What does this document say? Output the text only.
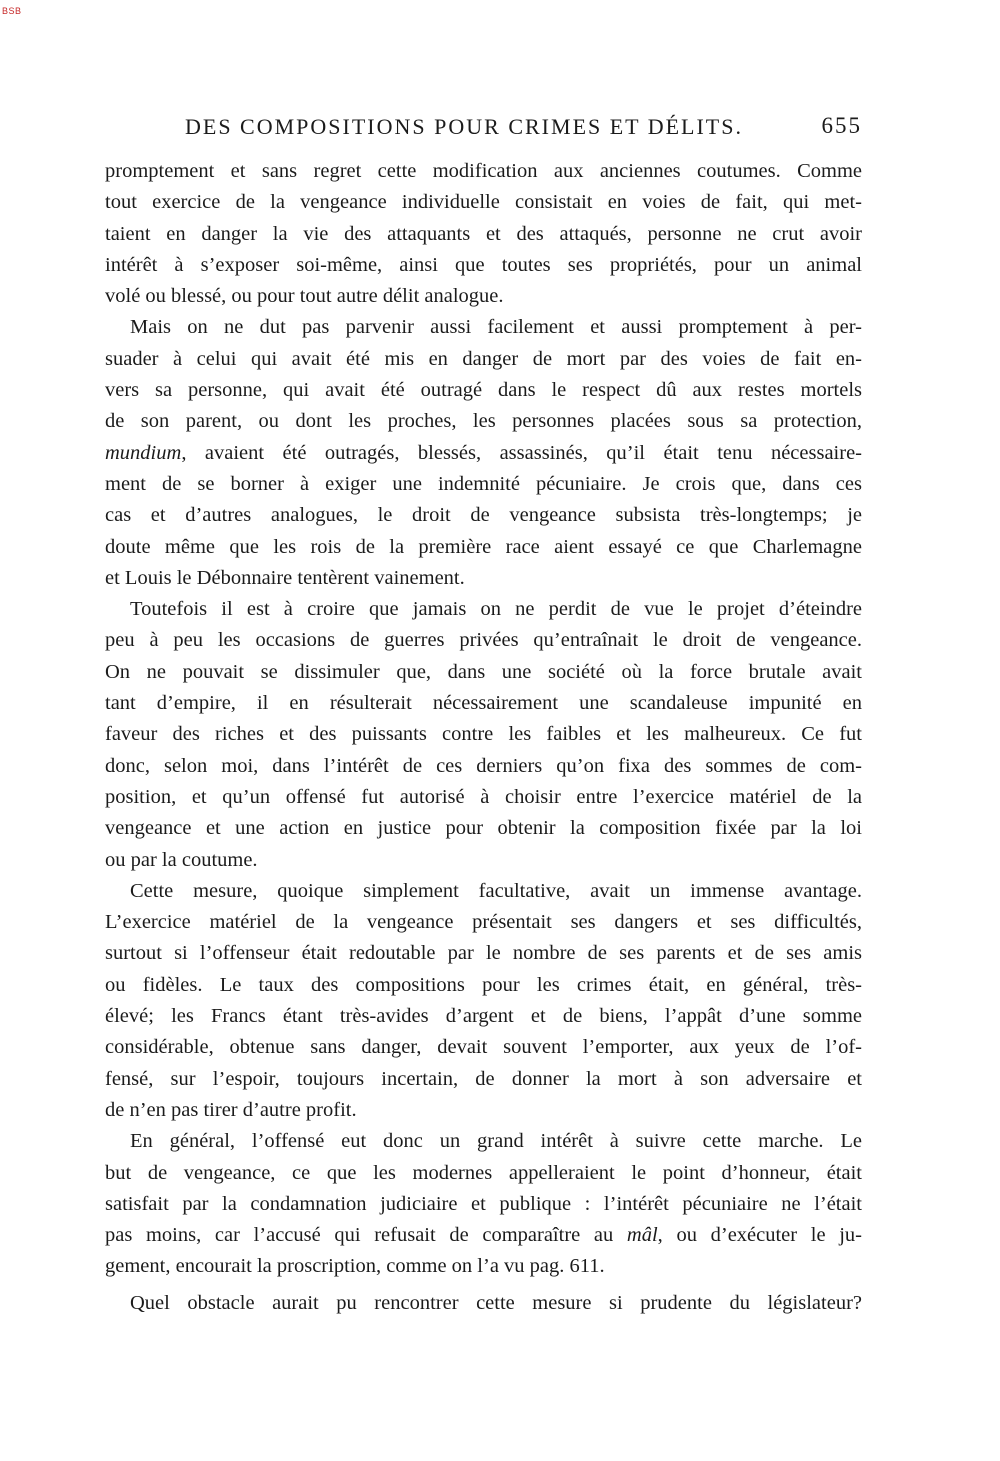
BSB
DES COMPOSITIONS POUR CRIMES ET DÉLITS.	655
promptement et sans regret cette modification aux anciennes coutumes. Comme
tout exercice de la vengeance individuelle consistait en voies de fait, qui met-
taient en danger la vie des attaquants et des attaqués, personne ne crut avoir
intérêt à s’exposer soi-même, ainsi que toutes ses propriétés, pour un animal
volé ou blessé, ou pour tout autre délit analogue.
Mais on ne dut pas parvenir aussi facilement et aussi promptement à per-
suader à celui qui avait été mis en danger de mort par des voies de fait en-
vers sa personne, qui avait été outragé dans le respect dû aux restes mortels
de son parent, ou dont les proches, les personnes placées sous sa protection,
mundium, avaient été outragés, blessés, assassinés, qu’il était tenu nécessaire-
ment de se borner à exiger une indemnité pécuniaire. Je crois que, dans ces
cas et d’autres analogues, le droit de vengeance subsista très-longtemps; je
doute même que les rois de la première race aient essayé ce que Charlemagne
et Louis le Débonnaire tentèrent vainement.
Toutefois il est à croire que jamais on ne perdit de vue le projet d’éteindre
peu à peu les occasions de guerres privées qu’entraînait le droit de vengeance.
On ne pouvait se dissimuler que, dans une société où la force brutale avait
tant d’empire, il en résulterait nécessairement une scandaleuse impunité en
faveur des riches et des puissants contre les faibles et les malheureux. Ce fut
donc, selon moi, dans l’intérêt de ces derniers qu’on fixa des sommes de com-
position, et qu’un offensé fut autorisé à choisir entre l’exercice matériel de la
vengeance et une action en justice pour obtenir la composition fixée par la loi
ou par la coutume.
Cette mesure, quoique simplement facultative, avait un immense avantage.
L’exercice matériel de la vengeance présentait ses dangers et ses difficultés,
surtout si l’offenseur était redoutable par le nombre de ses parents et de ses amis
ou fidèles. Le taux des compositions pour les crimes était, en général, très-
élevé; les Francs étant très-avides d’argent et de biens, l’appât d’une somme
considérable, obtenue sans danger, devait souvent l’emporter, aux yeux de l’of-
fensé, sur l’espoir, toujours incertain, de donner la mort à son adversaire et
de n’en pas tirer d’autre profit.
En général, l’offensé eut donc un grand intérêt à suivre cette marche. Le
but de vengeance, ce que les modernes appelleraient le point d’honneur, était
satisfait par la condamnation judiciaire et publique : l’intérêt pécuniaire ne l’était
pas moins, car l’accusé qui refusait de comparaître au mâl, ou d’exécuter le ju-
gement, encourait la proscription, comme on l’a vu pag. 611.
Quel obstacle aurait pu rencontrer cette mesure si prudente du législateur?
